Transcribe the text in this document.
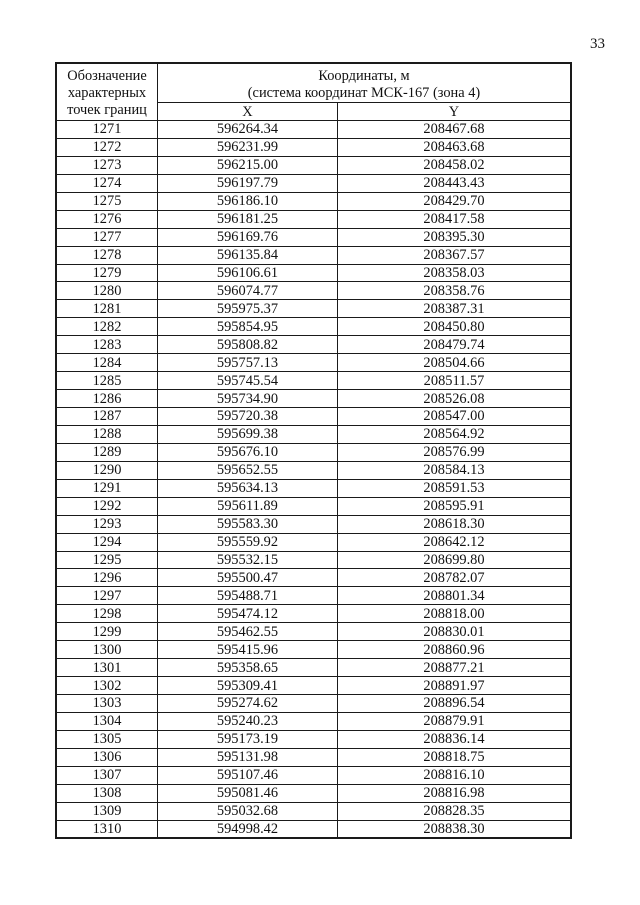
33
Обозначение характерных точек границ	Координаты, м
(система координат МСК-167 (зона 4)	

	X	Y
1271	596264.34	208467.68
1272	596231.99	208463.68
1273	596215.00	208458.02
1274	596197.79	208443.43
1275	596186.10	208429.70
1276	596181.25	208417.58
1277	596169.76	208395.30
1278	596135.84	208367.57
1279	596106.61	208358.03
1280	596074.77	208358.76
1281	595975.37	208387.31
1282	595854.95	208450.80
1283	595808.82	208479.74
1284	595757.13	208504.66
1285	595745.54	208511.57
1286	595734.90	208526.08
1287	595720.38	208547.00
1288	595699.38	208564.92
1289	595676.10	208576.99
1290	595652.55	208584.13
1291	595634.13	208591.53
1292	595611.89	208595.91
1293	595583.30	208618.30
1294	595559.92	208642.12
1295	595532.15	208699.80
1296	595500.47	208782.07
1297	595488.71	208801.34
1298	595474.12	208818.00
1299	595462.55	208830.01
1300	595415.96	208860.96
1301	595358.65	208877.21
1302	595309.41	208891.97
1303	595274.62	208896.54
1304	595240.23	208879.91
1305	595173.19	208836.14
1306	595131.98	208818.75
1307	595107.46	208816.10
1308	595081.46	208816.98
1309	595032.68	208828.35
1310	594998.42	208838.30
